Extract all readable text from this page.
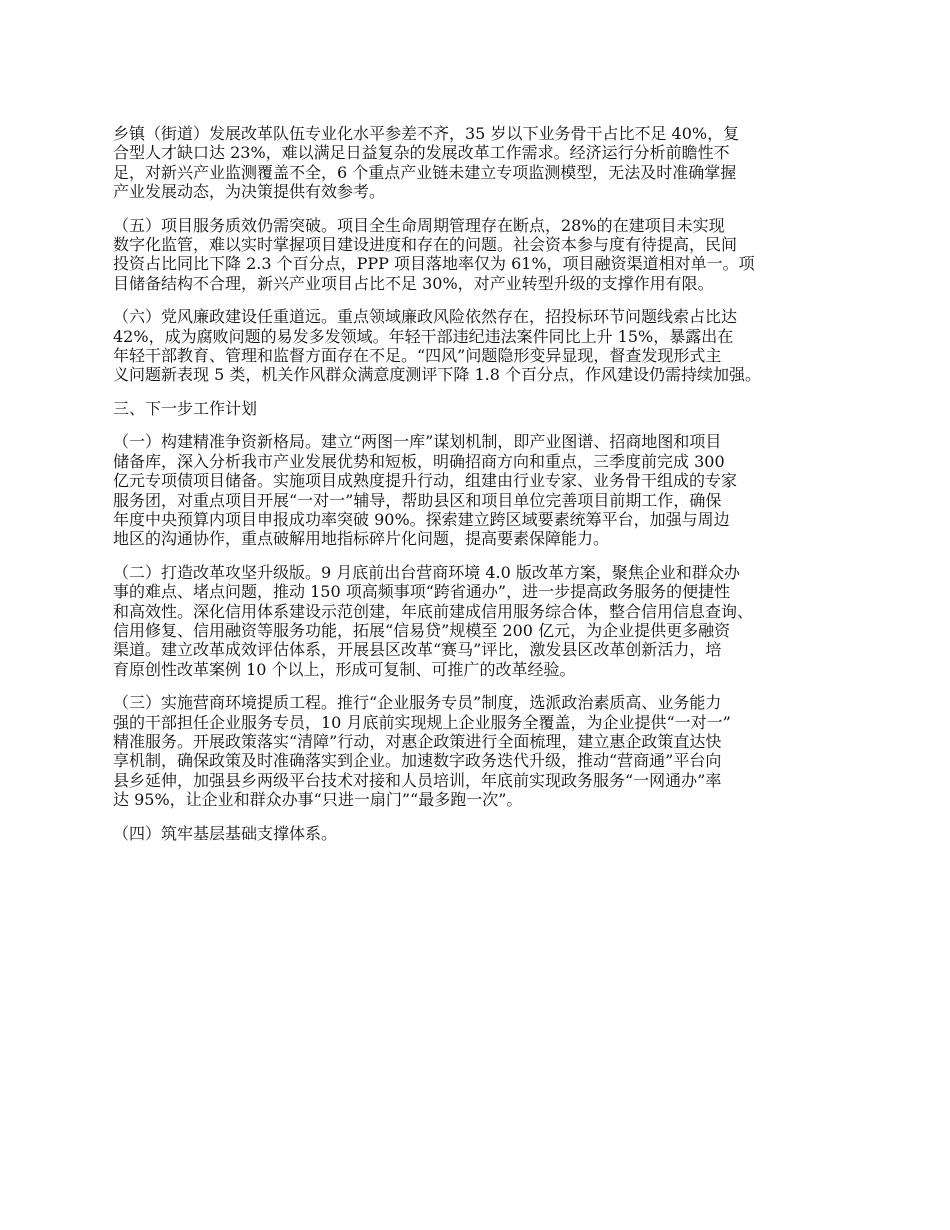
乡镇（街道）发展改革队伍专业化水平参差不齐，35 岁以下业务骨干占比不足 40%，复
合型人才缺口达 23%，难以满足日益复杂的发展改革工作需求。经济运行分析前瞻性不
足，对新兴产业监测覆盖不全，6 个重点产业链未建立专项监测模型，无法及时准确掌握
产业发展动态，为决策提供有效参考。

（五）项目服务质效仍需突破。项目全生命周期管理存在断点，28%的在建项目未实现
数字化监管，难以实时掌握项目建设进度和存在的问题。社会资本参与度有待提高，民间
投资占比同比下降 2.3 个百分点，PPP 项目落地率仅为 61%，项目融资渠道相对单一。项
目储备结构不合理，新兴产业项目占比不足 30%，对产业转型升级的支撑作用有限。

（六）党风廉政建设任重道远。重点领域廉政风险依然存在，招投标环节问题线索占比达
42%，成为腐败问题的易发多发领域。年轻干部违纪违法案件同比上升 15%，暴露出在
年轻干部教育、管理和监督方面存在不足。“四风”问题隐形变异显现，督查发现形式主
义问题新表现 5 类，机关作风群众满意度测评下降 1.8 个百分点，作风建设仍需持续加强。

三、下一步工作计划

（一）构建精准争资新格局。建立“两图一库”谋划机制，即产业图谱、招商地图和项目
储备库，深入分析我市产业发展优势和短板，明确招商方向和重点，三季度前完成 300
亿元专项债项目储备。实施项目成熟度提升行动，组建由行业专家、业务骨干组成的专家
服务团，对重点项目开展“一对一”辅导，帮助县区和项目单位完善项目前期工作，确保
年度中央预算内项目申报成功率突破 90%。探索建立跨区域要素统筹平台，加强与周边
地区的沟通协作，重点破解用地指标碎片化问题，提高要素保障能力。

（二）打造改革攻坚升级版。9 月底前出台营商环境 4.0 版改革方案，聚焦企业和群众办
事的难点、堵点问题，推动 150 项高频事项“跨省通办”，进一步提高政务服务的便捷性
和高效性。深化信用体系建设示范创建，年底前建成信用服务综合体，整合信用信息查询、
信用修复、信用融资等服务功能，拓展“信易贷”规模至 200 亿元，为企业提供更多融资
渠道。建立改革成效评估体系，开展县区改革“赛马”评比，激发县区改革创新活力，培
育原创性改革案例 10 个以上，形成可复制、可推广的改革经验。

（三）实施营商环境提质工程。推行“企业服务专员”制度，选派政治素质高、业务能力
强的干部担任企业服务专员，10 月底前实现规上企业服务全覆盖，为企业提供“一对一”
精准服务。开展政策落实“清障”行动，对惠企政策进行全面梳理，建立惠企政策直达快
享机制，确保政策及时准确落实到企业。加速数字政务迭代升级，推动“营商通”平台向
县乡延伸，加强县乡两级平台技术对接和人员培训，年底前实现政务服务“一网通办”率
达 95%，让企业和群众办事“只进一扇门”“最多跑一次”。

（四）筑牢基层基础支撑体系。
